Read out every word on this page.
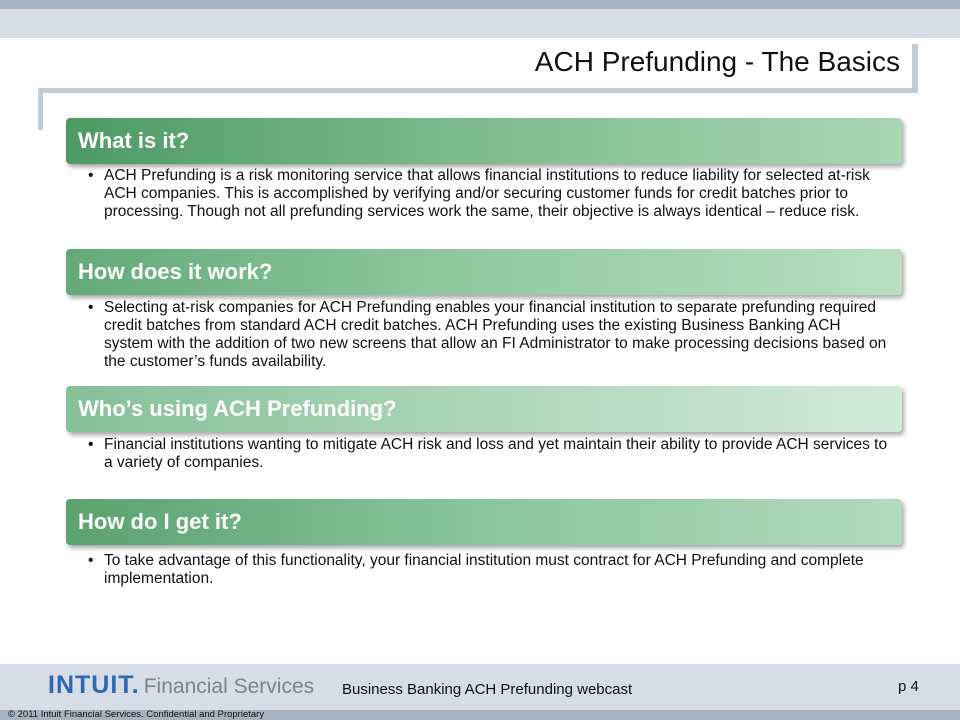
ACH Prefunding - The Basics
What is it?
• ACH Prefunding is a risk monitoring service that allows financial institutions to reduce liability for selected at-risk ACH companies. This is accomplished by verifying and/or securing customer funds for credit batches prior to processing. Though not all prefunding services work the same, their objective is always identical – reduce risk.
How does it work?
• Selecting at-risk companies for ACH Prefunding enables your financial institution to separate prefunding required credit batches from standard ACH credit batches. ACH Prefunding uses the existing Business Banking ACH system with the addition of two new screens that allow an FI Administrator to make processing decisions based on the customer’s funds availability.
Who’s using ACH Prefunding?
• Financial institutions wanting to mitigate ACH risk and loss and yet maintain their ability to provide ACH services to a variety of companies.
How do I get it?
• To take advantage of this functionality, your financial institution must contract for ACH Prefunding and complete implementation.
INTUIT. Financial Services Business Banking ACH Prefunding webcast	p 4
© 2011 Intuit Financial Services. Confidential and Proprietary
